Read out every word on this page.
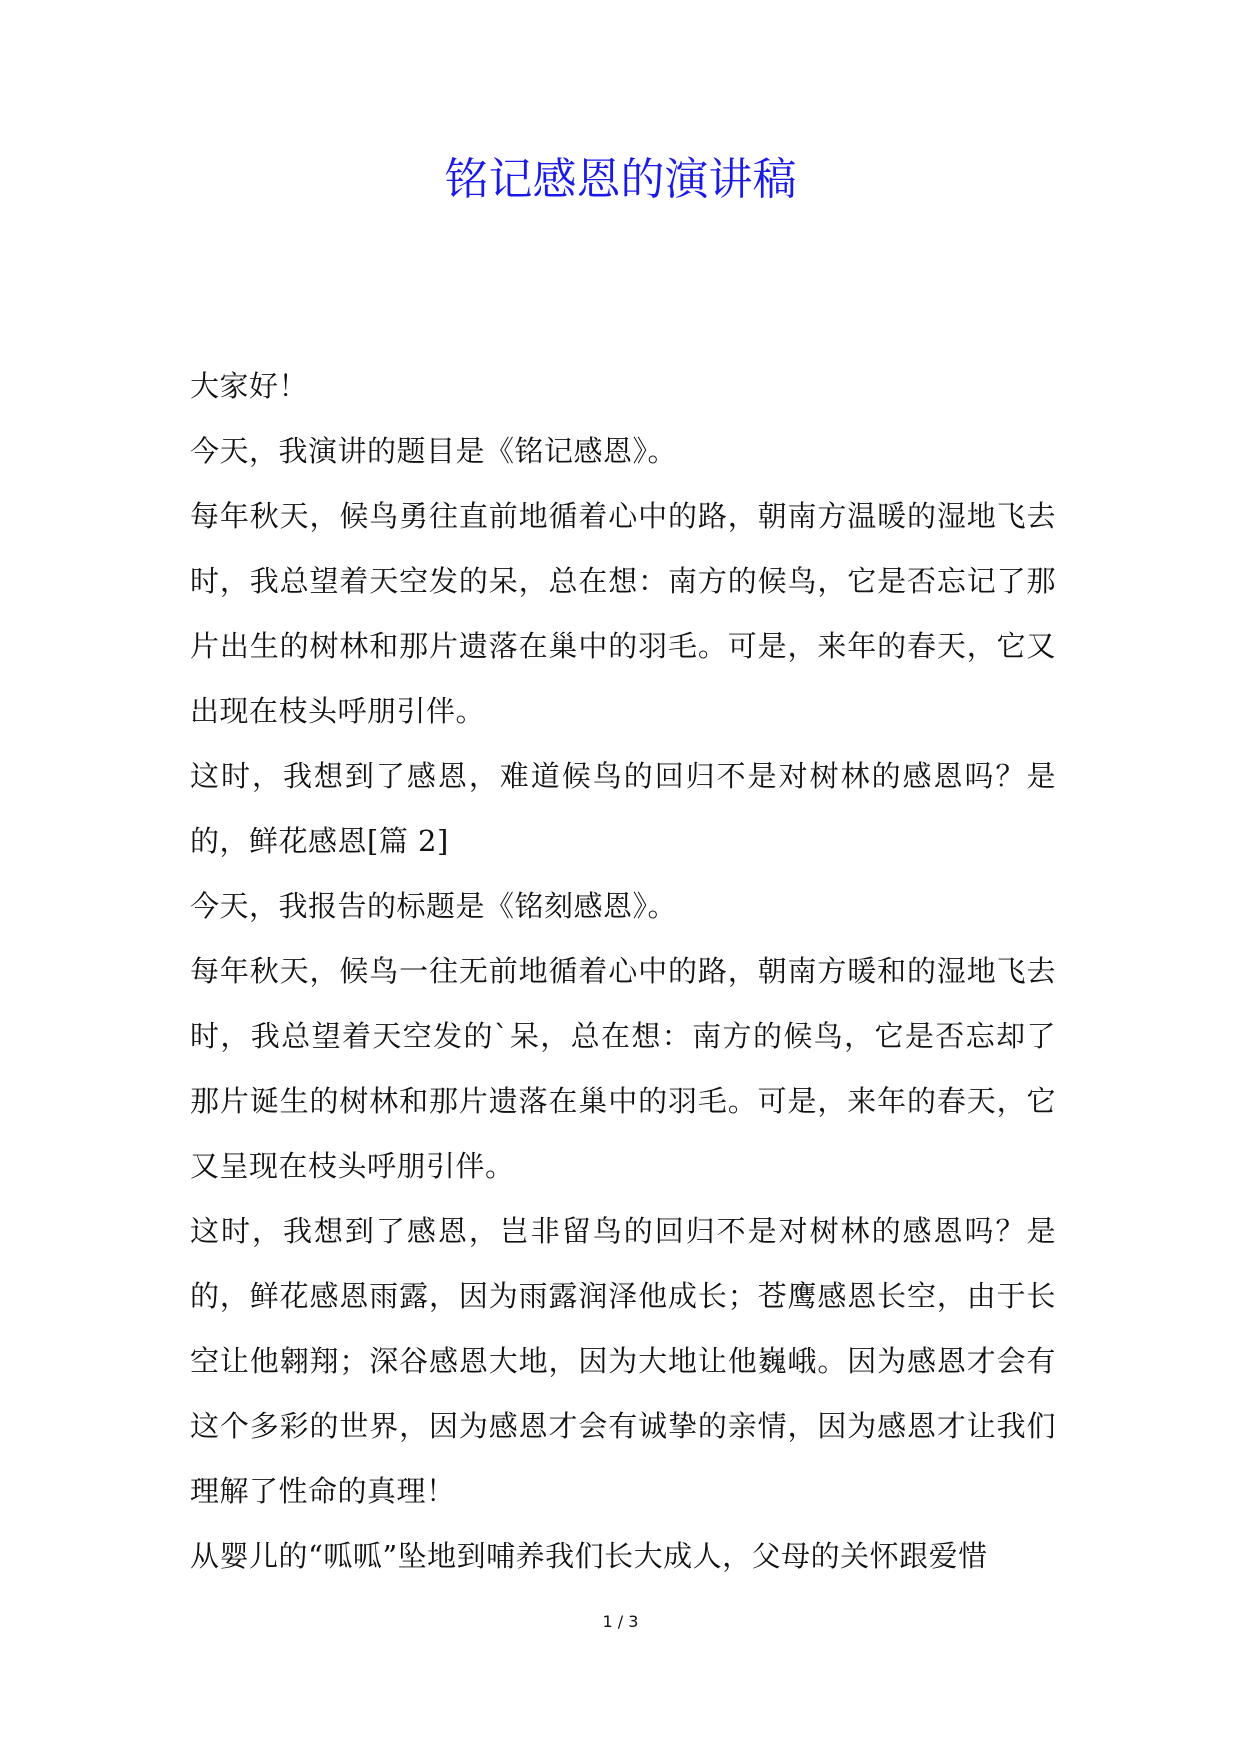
铭记感恩的演讲稿

大家好！

今天，我演讲的题目是《铭记感恩》。

每年秋天，候鸟勇往直前地循着心中的路，朝南方温暖的湿地飞去时，我总望着天空发的呆，总在想：南方的候鸟，它是否忘记了那片出生的树林和那片遗落在巢中的羽毛。可是，来年的春天，它又出现在枝头呼朋引伴。

这时，我想到了感恩，难道候鸟的回归不是对树林的感恩吗？是的，鲜花感恩[篇 2]

今天，我报告的标题是《铭刻感恩》。

每年秋天，候鸟一往无前地循着心中的路，朝南方暖和的湿地飞去时，我总望着天空发的`呆，总在想：南方的候鸟，它是否忘却了那片诞生的树林和那片遗落在巢中的羽毛。可是，来年的春天，它又呈现在枝头呼朋引伴。

这时，我想到了感恩，岂非留鸟的回归不是对树林的感恩吗？是的，鲜花感恩雨露，因为雨露润泽他成长；苍鹰感恩长空，由于长空让他翱翔；深谷感恩大地，因为大地让他巍峨。因为感恩才会有这个多彩的世界，因为感恩才会有诚挚的亲情，因为感恩才让我们理解了性命的真理！

从婴儿的“呱呱”坠地到哺养我们长大成人，父母的关怀跟爱惜

1 / 3
